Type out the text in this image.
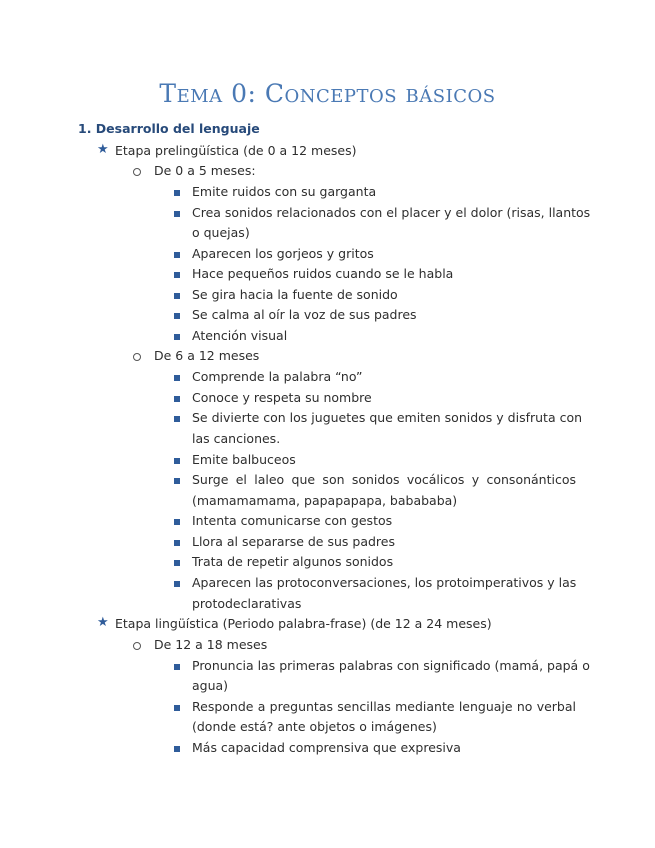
Tema 0: Conceptos básicos
1. Desarrollo del lenguaje
★ Etapa prelingüística (de 0 a 12 meses)
De 0 a 5 meses:
Emite ruidos con su garganta
Crea sonidos relacionados con el placer y el dolor (risas, llantos
o quejas)
Aparecen los gorjeos y gritos
Hace pequeños ruidos cuando se le habla
Se gira hacia la fuente de sonido
Se calma al oír la voz de sus padres
Atención visual
De 6 a 12 meses
Comprende la palabra “no”
Conoce y respeta su nombre
Se divierte con los juguetes que emiten sonidos y disfruta con
las canciones.
Emite balbuceos
Surge el laleo que son sonidos vocálicos y consonánticos
(mamamamama, papapapapa, babababa)
Intenta comunicarse con gestos
Llora al separarse de sus padres
Trata de repetir algunos sonidos
Aparecen las protoconversaciones, los protoimperativos y las
protodeclarativas
★ Etapa lingüística (Periodo palabra-frase) (de 12 a 24 meses)
De 12 a 18 meses
Pronuncia las primeras palabras con significado (mamá, papá o
agua)
Responde a preguntas sencillas mediante lenguaje no verbal
(donde está? ante objetos o imágenes)
Más capacidad comprensiva que expresiva
